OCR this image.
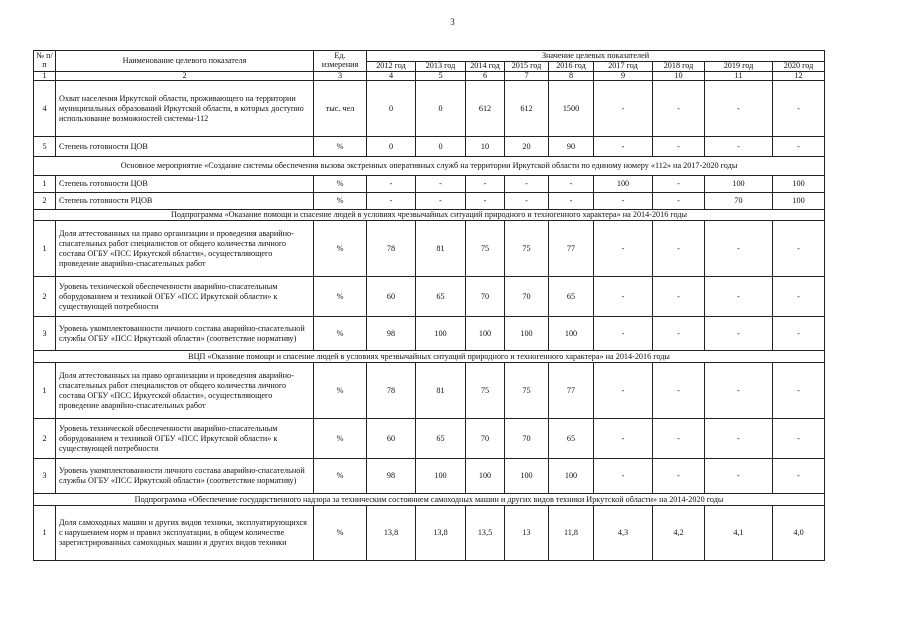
3
№ п/п	Наименование целевого показателя	Ед. измерения	Значение целевых показателей								
			2012 год	2013 год	2014 год	2015 год	2016 год	2017 год	2018 год	2019 год	2020 год
1	2	3	4	5	6	7	8	9	10	11	12
4	Охват населения Иркутской области, проживающего на территории муниципальных образований Иркутской области, в которых доступно использование возможностей системы-112	тыс. чел	0	0	612	612	1500	-	-	-	-
5	Степень готовности ЦОВ	%	0	0	10	20	90	-	-	-	-
Основное мероприятие «Создание системы обеспечения вызова экстренных оперативных служб на территории Иркутской области по единому номеру «112» на 2017-2020 годы											
1	Степень готовности ЦОВ	%	-	-	-	-	-	100	-	100	100
2	Степень готовности РЦОВ	%	-	-	-	-	-	-	-	70	100
Подпрограмма «Оказание помощи и спасение людей в условиях чрезвычайных ситуаций природного и техногенного характера» на 2014-2016 годы											
1	Доля аттестованных на право организации и проведения аварийно-спасательных работ специалистов от общего количества личного состава ОГБУ «ПСС Иркутской области», осуществляющего проведение аварийно-спасательных работ	%	78	81	75	75	77	-	-	-	-
2	Уровень технической обеспеченности аварийно-спасательным оборудованием и техникой ОГБУ «ПСС Иркутской области» к существующей потребности	%	60	65	70	70	65	-	-	-	-
3	Уровень укомплектованности личного состава аварийно-спасательной службы ОГБУ «ПСС Иркутской области» (соответствие нормативу)	%	98	100	100	100	100	-	-	-	-
ВЦП «Оказание помощи и спасение людей в условиях чрезвычайных ситуаций природного и техногенного характера» на 2014-2016 годы											
1	Доля аттестованных на право организации и проведения аварийно-спасательных работ специалистов от общего количества личного состава ОГБУ «ПСС Иркутской области», осуществляющего проведение аварийно-спасательных работ	%	78	81	75	75	77	-	-	-	-
2	Уровень технической обеспеченности аварийно-спасательным оборудованием и техникой ОГБУ «ПСС Иркутской области» к существующей потребности	%	60	65	70	70	65	-	-	-	-
3	Уровень укомплектованности личного состава аварийно-спасательной службы ОГБУ «ПСС Иркутской области» (соответствие нормативу)	%	98	100	100	100	100	-	-	-	-
Подпрограмма «Обеспечение государственного надзора за техническим состоянием самоходных машин и других видов техники Иркутской области» на 2014-2020 годы											
1	Доля самоходных машин и других видов техники, эксплуатирующихся с нарушением норм и правил эксплуатации, в общем количестве зарегистрированных самоходных машин и других видов техники	%	13,8	13,8	13,5	13	11,8	4,3	4,2	4,1	4,0
